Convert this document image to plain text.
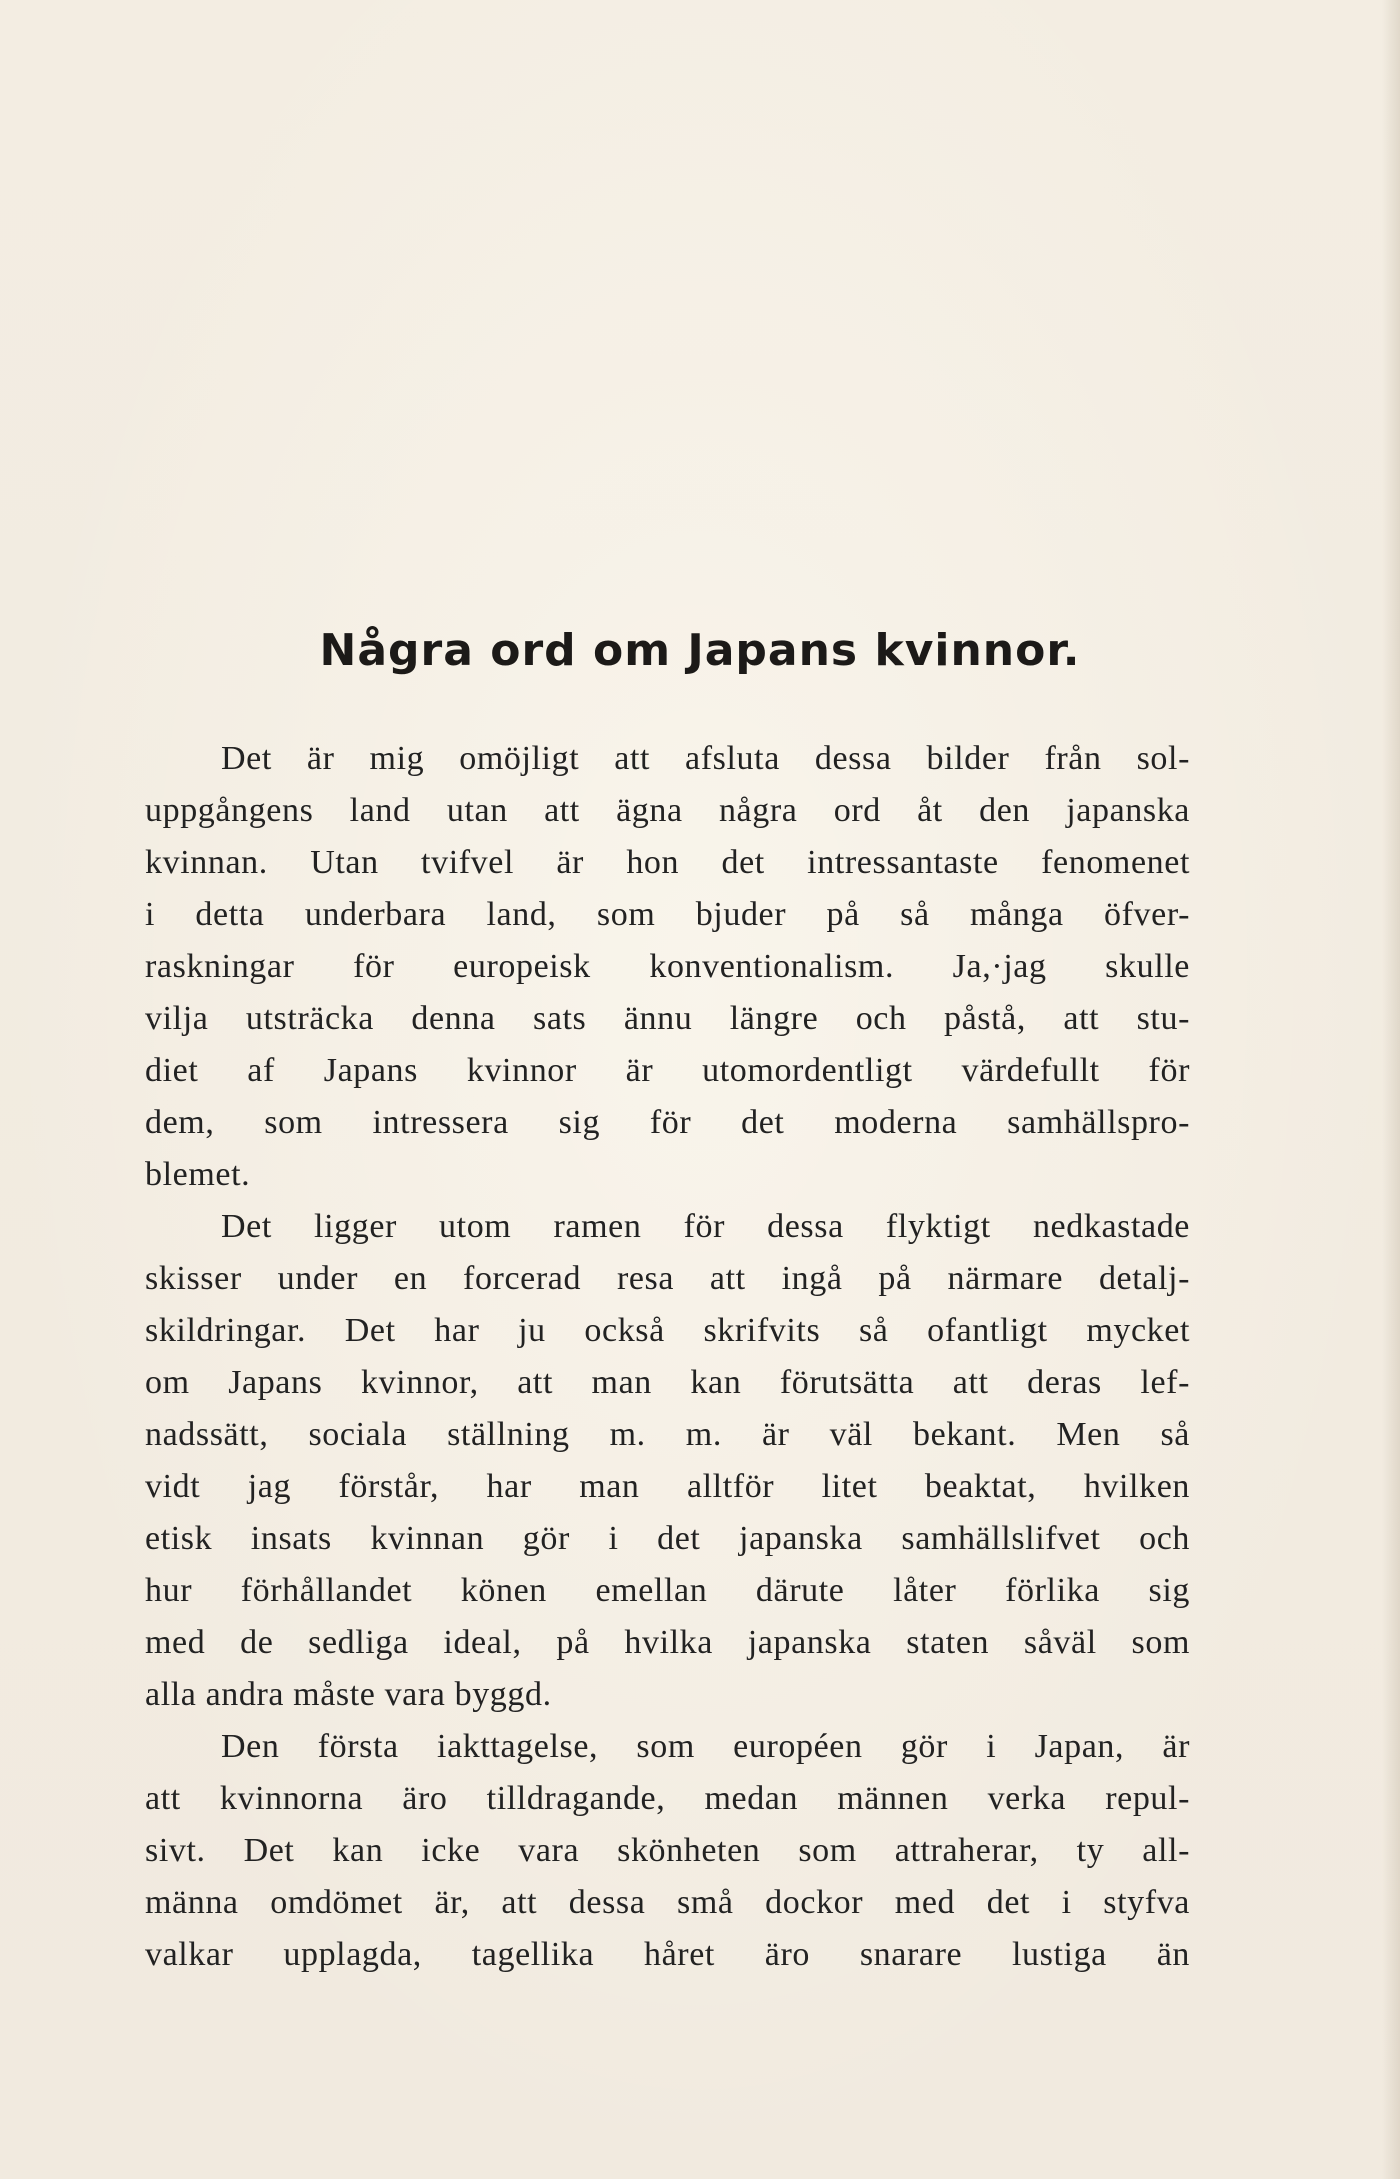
Några ord om Japans kvinnor.
Det är mig omöjligt att afsluta dessa bilder från sol-
uppgångens land utan att ägna några ord åt den japanska
kvinnan. Utan tvifvel är hon det intressantaste fenomenet
i detta underbara land, som bjuder på så många öfver-
raskningar för europeisk konventionalism. Ja,·jag skulle
vilja utsträcka denna sats ännu längre och påstå, att stu-
diet af Japans kvinnor är utomordentligt värdefullt för
dem, som intressera sig för det moderna samhällspro-
blemet.
Det ligger utom ramen för dessa flyktigt nedkastade
skisser under en forcerad resa att ingå på närmare detalj-
skildringar. Det har ju också skrifvits så ofantligt mycket
om Japans kvinnor, att man kan förutsätta att deras lef-
nadssätt, sociala ställning m. m. är väl bekant. Men så
vidt jag förstår, har man alltför litet beaktat, hvilken
etisk insats kvinnan gör i det japanska samhällslifvet och
hur förhållandet könen emellan därute låter förlika sig
med de sedliga ideal, på hvilka japanska staten såväl som
alla andra måste vara byggd.
Den första iakttagelse, som européen gör i Japan, är
att kvinnorna äro tilldragande, medan männen verka repul-
sivt. Det kan icke vara skönheten som attraherar, ty all-
männa omdömet är, att dessa små dockor med det i styfva
valkar upplagda, tagellika håret äro snarare lustiga än
